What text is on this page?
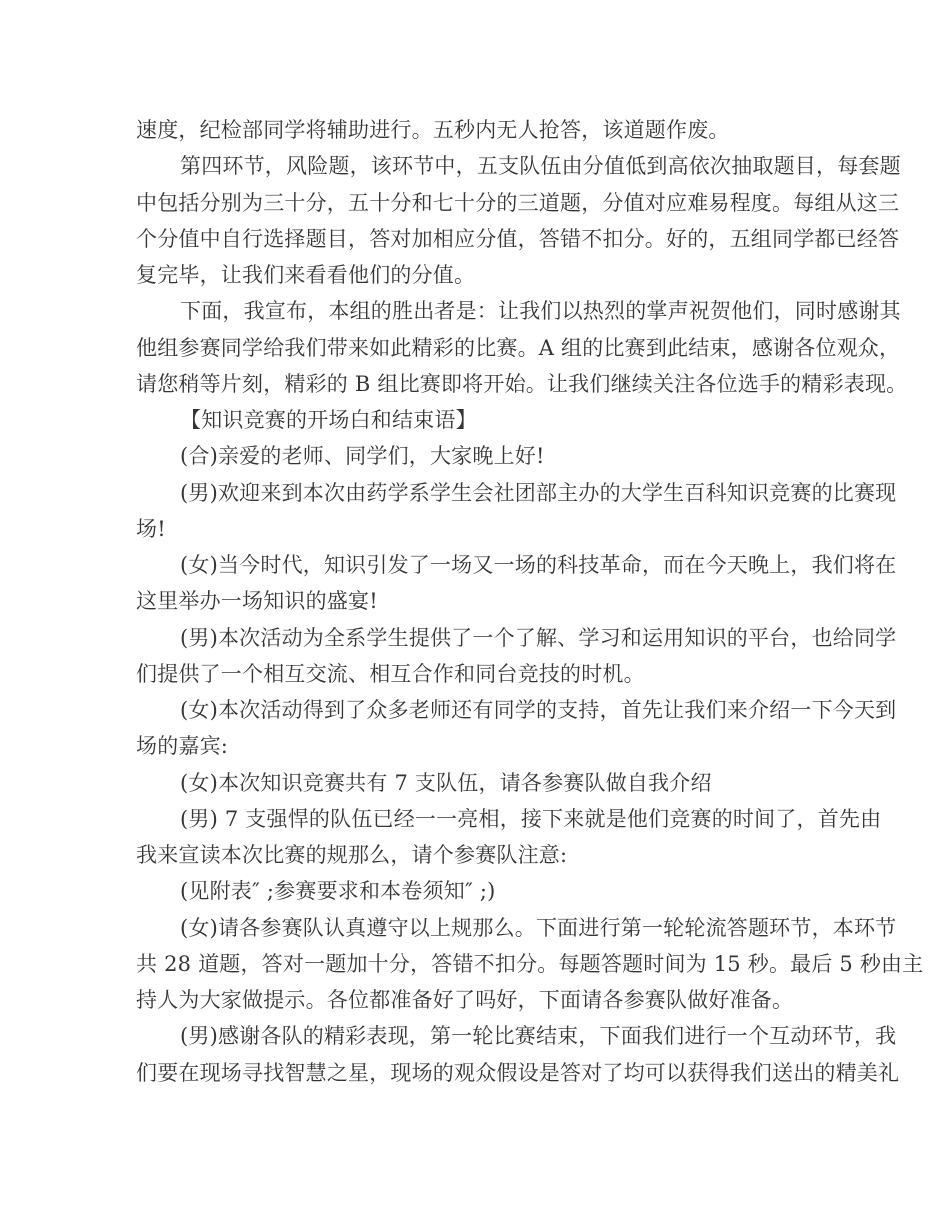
速度，纪检部同学将辅助进行。五秒内无人抢答，该道题作废。
第四环节，风险题，该环节中，五支队伍由分值低到高依次抽取题目，每套题
中包括分别为三十分，五十分和七十分的三道题，分值对应难易程度。每组从这三
个分值中自行选择题目，答对加相应分值，答错不扣分。好的，五组同学都已经答
复完毕，让我们来看看他们的分值。
下面，我宣布，本组的胜出者是：让我们以热烈的掌声祝贺他们，同时感谢其
他组参赛同学给我们带来如此精彩的比赛。A 组的比赛到此结束，感谢各位观众，
请您稍等片刻，精彩的 B 组比赛即将开始。让我们继续关注各位选手的精彩表现。
【知识竞赛的开场白和结束语】
(合)亲爱的老师、同学们，大家晚上好!
(男)欢迎来到本次由药学系学生会社团部主办的大学生百科知识竞赛的比赛现
场!
(女)当今时代，知识引发了一场又一场的科技革命，而在今天晚上，我们将在
这里举办一场知识的盛宴!
(男)本次活动为全系学生提供了一个了解、学习和运用知识的平台，也给同学
们提供了一个相互交流、相互合作和同台竞技的时机。
(女)本次活动得到了众多老师还有同学的支持，首先让我们来介绍一下今天到
场的嘉宾:
(女)本次知识竞赛共有 7 支队伍，请各参赛队做自我介绍
(男) 7 支强悍的队伍已经一一亮相，接下来就是他们竞赛的时间了，首先由
我来宣读本次比赛的规那么，请个参赛队注意:
(见附表″ ;参赛要求和本卷须知″ ;)
(女)请各参赛队认真遵守以上规那么。下面进行第一轮轮流答题环节，本环节
共 28 道题，答对一题加十分，答错不扣分。每题答题时间为 15 秒。最后 5 秒由主
持人为大家做提示。各位都准备好了吗好，下面请各参赛队做好准备。
(男)感谢各队的精彩表现，第一轮比赛结束，下面我们进行一个互动环节，我
们要在现场寻找智慧之星，现场的观众假设是答对了均可以获得我们送出的精美礼
